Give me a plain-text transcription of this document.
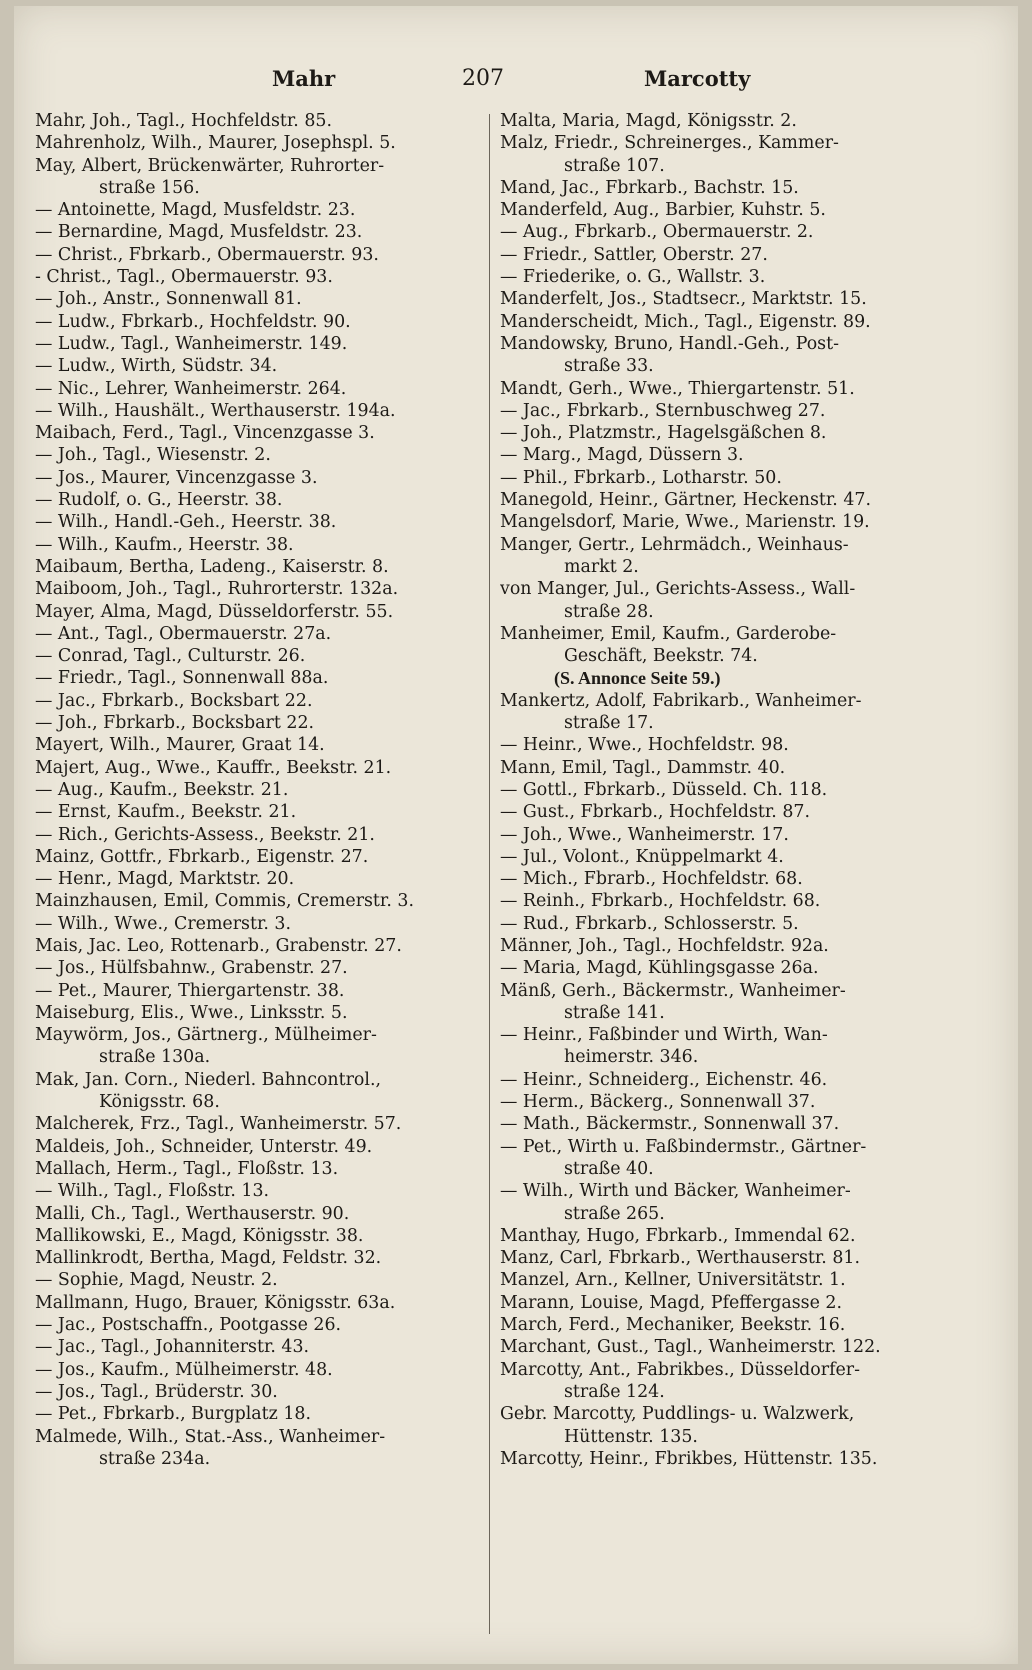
Mahr	207	Marcotty
Mahr, Joh., Tagl., Hochfeldstr. 85.
Mahrenholz, Wilh., Maurer, Josephspl. 5.
May, Albert, Brückenwärter, Ruhrorter-
straße 156.
— Antoinette, Magd, Musfeldstr. 23.
— Bernardine, Magd, Musfeldstr. 23.
— Christ., Fbrkarb., Obermauerstr. 93.
- Christ., Tagl., Obermauerstr. 93.
— Joh., Anstr., Sonnenwall 81.
— Ludw., Fbrkarb., Hochfeldstr. 90.
— Ludw., Tagl., Wanheimerstr. 149.
— Ludw., Wirth, Südstr. 34.
— Nic., Lehrer, Wanheimerstr. 264.
— Wilh., Haushält., Werthauserstr. 194a.
Maibach, Ferd., Tagl., Vincenzgasse 3.
— Joh., Tagl., Wiesenstr. 2.
— Jos., Maurer, Vincenzgasse 3.
— Rudolf, o. G., Heerstr. 38.
— Wilh., Handl.-Geh., Heerstr. 38.
— Wilh., Kaufm., Heerstr. 38.
Maibaum, Bertha, Ladeng., Kaiserstr. 8.
Maiboom, Joh., Tagl., Ruhrorterstr. 132a.
Mayer, Alma, Magd, Düsseldorferstr. 55.
— Ant., Tagl., Obermauerstr. 27a.
— Conrad, Tagl., Culturstr. 26.
— Friedr., Tagl., Sonnenwall 88a.
— Jac., Fbrkarb., Bocksbart 22.
— Joh., Fbrkarb., Bocksbart 22.
Mayert, Wilh., Maurer, Graat 14.
Majert, Aug., Wwe., Kauffr., Beekstr. 21.
— Aug., Kaufm., Beekstr. 21.
— Ernst, Kaufm., Beekstr. 21.
— Rich., Gerichts-Assess., Beekstr. 21.
Mainz, Gottfr., Fbrkarb., Eigenstr. 27.
— Henr., Magd, Marktstr. 20.
Mainzhausen, Emil, Commis, Cremerstr. 3.
— Wilh., Wwe., Cremerstr. 3.
Mais, Jac. Leo, Rottenarb., Grabenstr. 27.
— Jos., Hülfsbahnw., Grabenstr. 27.
— Pet., Maurer, Thiergartenstr. 38.
Maiseburg, Elis., Wwe., Linksstr. 5.
Maywörm, Jos., Gärtnerg., Mülheimer-
straße 130a.
Mak, Jan. Corn., Niederl. Bahncontrol.,
Königsstr. 68.
Malcherek, Frz., Tagl., Wanheimerstr. 57.
Maldeis, Joh., Schneider, Unterstr. 49.
Mallach, Herm., Tagl., Floßstr. 13.
— Wilh., Tagl., Floßstr. 13.
Malli, Ch., Tagl., Werthauserstr. 90.
Mallikowski, E., Magd, Königsstr. 38.
Mallinkrodt, Bertha, Magd, Feldstr. 32.
— Sophie, Magd, Neustr. 2.
Mallmann, Hugo, Brauer, Königsstr. 63a.
— Jac., Postschaffn., Pootgasse 26.
— Jac., Tagl., Johanniterstr. 43.
— Jos., Kaufm., Mülheimerstr. 48.
— Jos., Tagl., Brüderstr. 30.
— Pet., Fbrkarb., Burgplatz 18.
Malmede, Wilh., Stat.-Ass., Wanheimer-
straße 234a.
Malta, Maria, Magd, Königsstr. 2.
Malz, Friedr., Schreinerges., Kammer-
straße 107.
Mand, Jac., Fbrkarb., Bachstr. 15.
Manderfeld, Aug., Barbier, Kuhstr. 5.
— Aug., Fbrkarb., Obermauerstr. 2.
— Friedr., Sattler, Oberstr. 27.
— Friederike, o. G., Wallstr. 3.
Manderfelt, Jos., Stadtsecr., Marktstr. 15.
Manderscheidt, Mich., Tagl., Eigenstr. 89.
Mandowsky, Bruno, Handl.-Geh., Post-
straße 33.
Mandt, Gerh., Wwe., Thiergartenstr. 51.
— Jac., Fbrkarb., Sternbuschweg 27.
— Joh., Platzmstr., Hagelsgäßchen 8.
— Marg., Magd, Düssern 3.
— Phil., Fbrkarb., Lotharstr. 50.
Manegold, Heinr., Gärtner, Heckenstr. 47.
Mangelsdorf, Marie, Wwe., Marienstr. 19.
Manger, Gertr., Lehrmädch., Weinhaus-
markt 2.
von Manger, Jul., Gerichts-Assess., Wall-
straße 28.
Manheimer, Emil, Kaufm., Garderobe-
Geschäft, Beekstr. 74.
(S. Annonce Seite 59.)
Mankertz, Adolf, Fabrikarb., Wanheimer-
straße 17.
— Heinr., Wwe., Hochfeldstr. 98.
Mann, Emil, Tagl., Dammstr. 40.
— Gottl., Fbrkarb., Düsseld. Ch. 118.
— Gust., Fbrkarb., Hochfeldstr. 87.
— Joh., Wwe., Wanheimerstr. 17.
— Jul., Volont., Knüppelmarkt 4.
— Mich., Fbrarb., Hochfeldstr. 68.
— Reinh., Fbrkarb., Hochfeldstr. 68.
— Rud., Fbrkarb., Schlosserstr. 5.
Männer, Joh., Tagl., Hochfeldstr. 92a.
— Maria, Magd, Kühlingsgasse 26a.
Mänß, Gerh., Bäckermstr., Wanheimer-
straße 141.
— Heinr., Faßbinder und Wirth, Wan-
heimerstr. 346.
— Heinr., Schneiderg., Eichenstr. 46.
— Herm., Bäckerg., Sonnenwall 37.
— Math., Bäckermstr., Sonnenwall 37.
— Pet., Wirth u. Faßbindermstr., Gärtner-
straße 40.
— Wilh., Wirth und Bäcker, Wanheimer-
straße 265.
Manthay, Hugo, Fbrkarb., Immendal 62.
Manz, Carl, Fbrkarb., Werthauserstr. 81.
Manzel, Arn., Kellner, Universitätstr. 1.
Marann, Louise, Magd, Pfeffergasse 2.
March, Ferd., Mechaniker, Beekstr. 16.
Marchant, Gust., Tagl., Wanheimerstr. 122.
Marcotty, Ant., Fabrikbes., Düsseldorfer-
straße 124.
Gebr. Marcotty, Puddlings- u. Walzwerk,
Hüttenstr. 135.
Marcotty, Heinr., Fbrikbes, Hüttenstr. 135.
